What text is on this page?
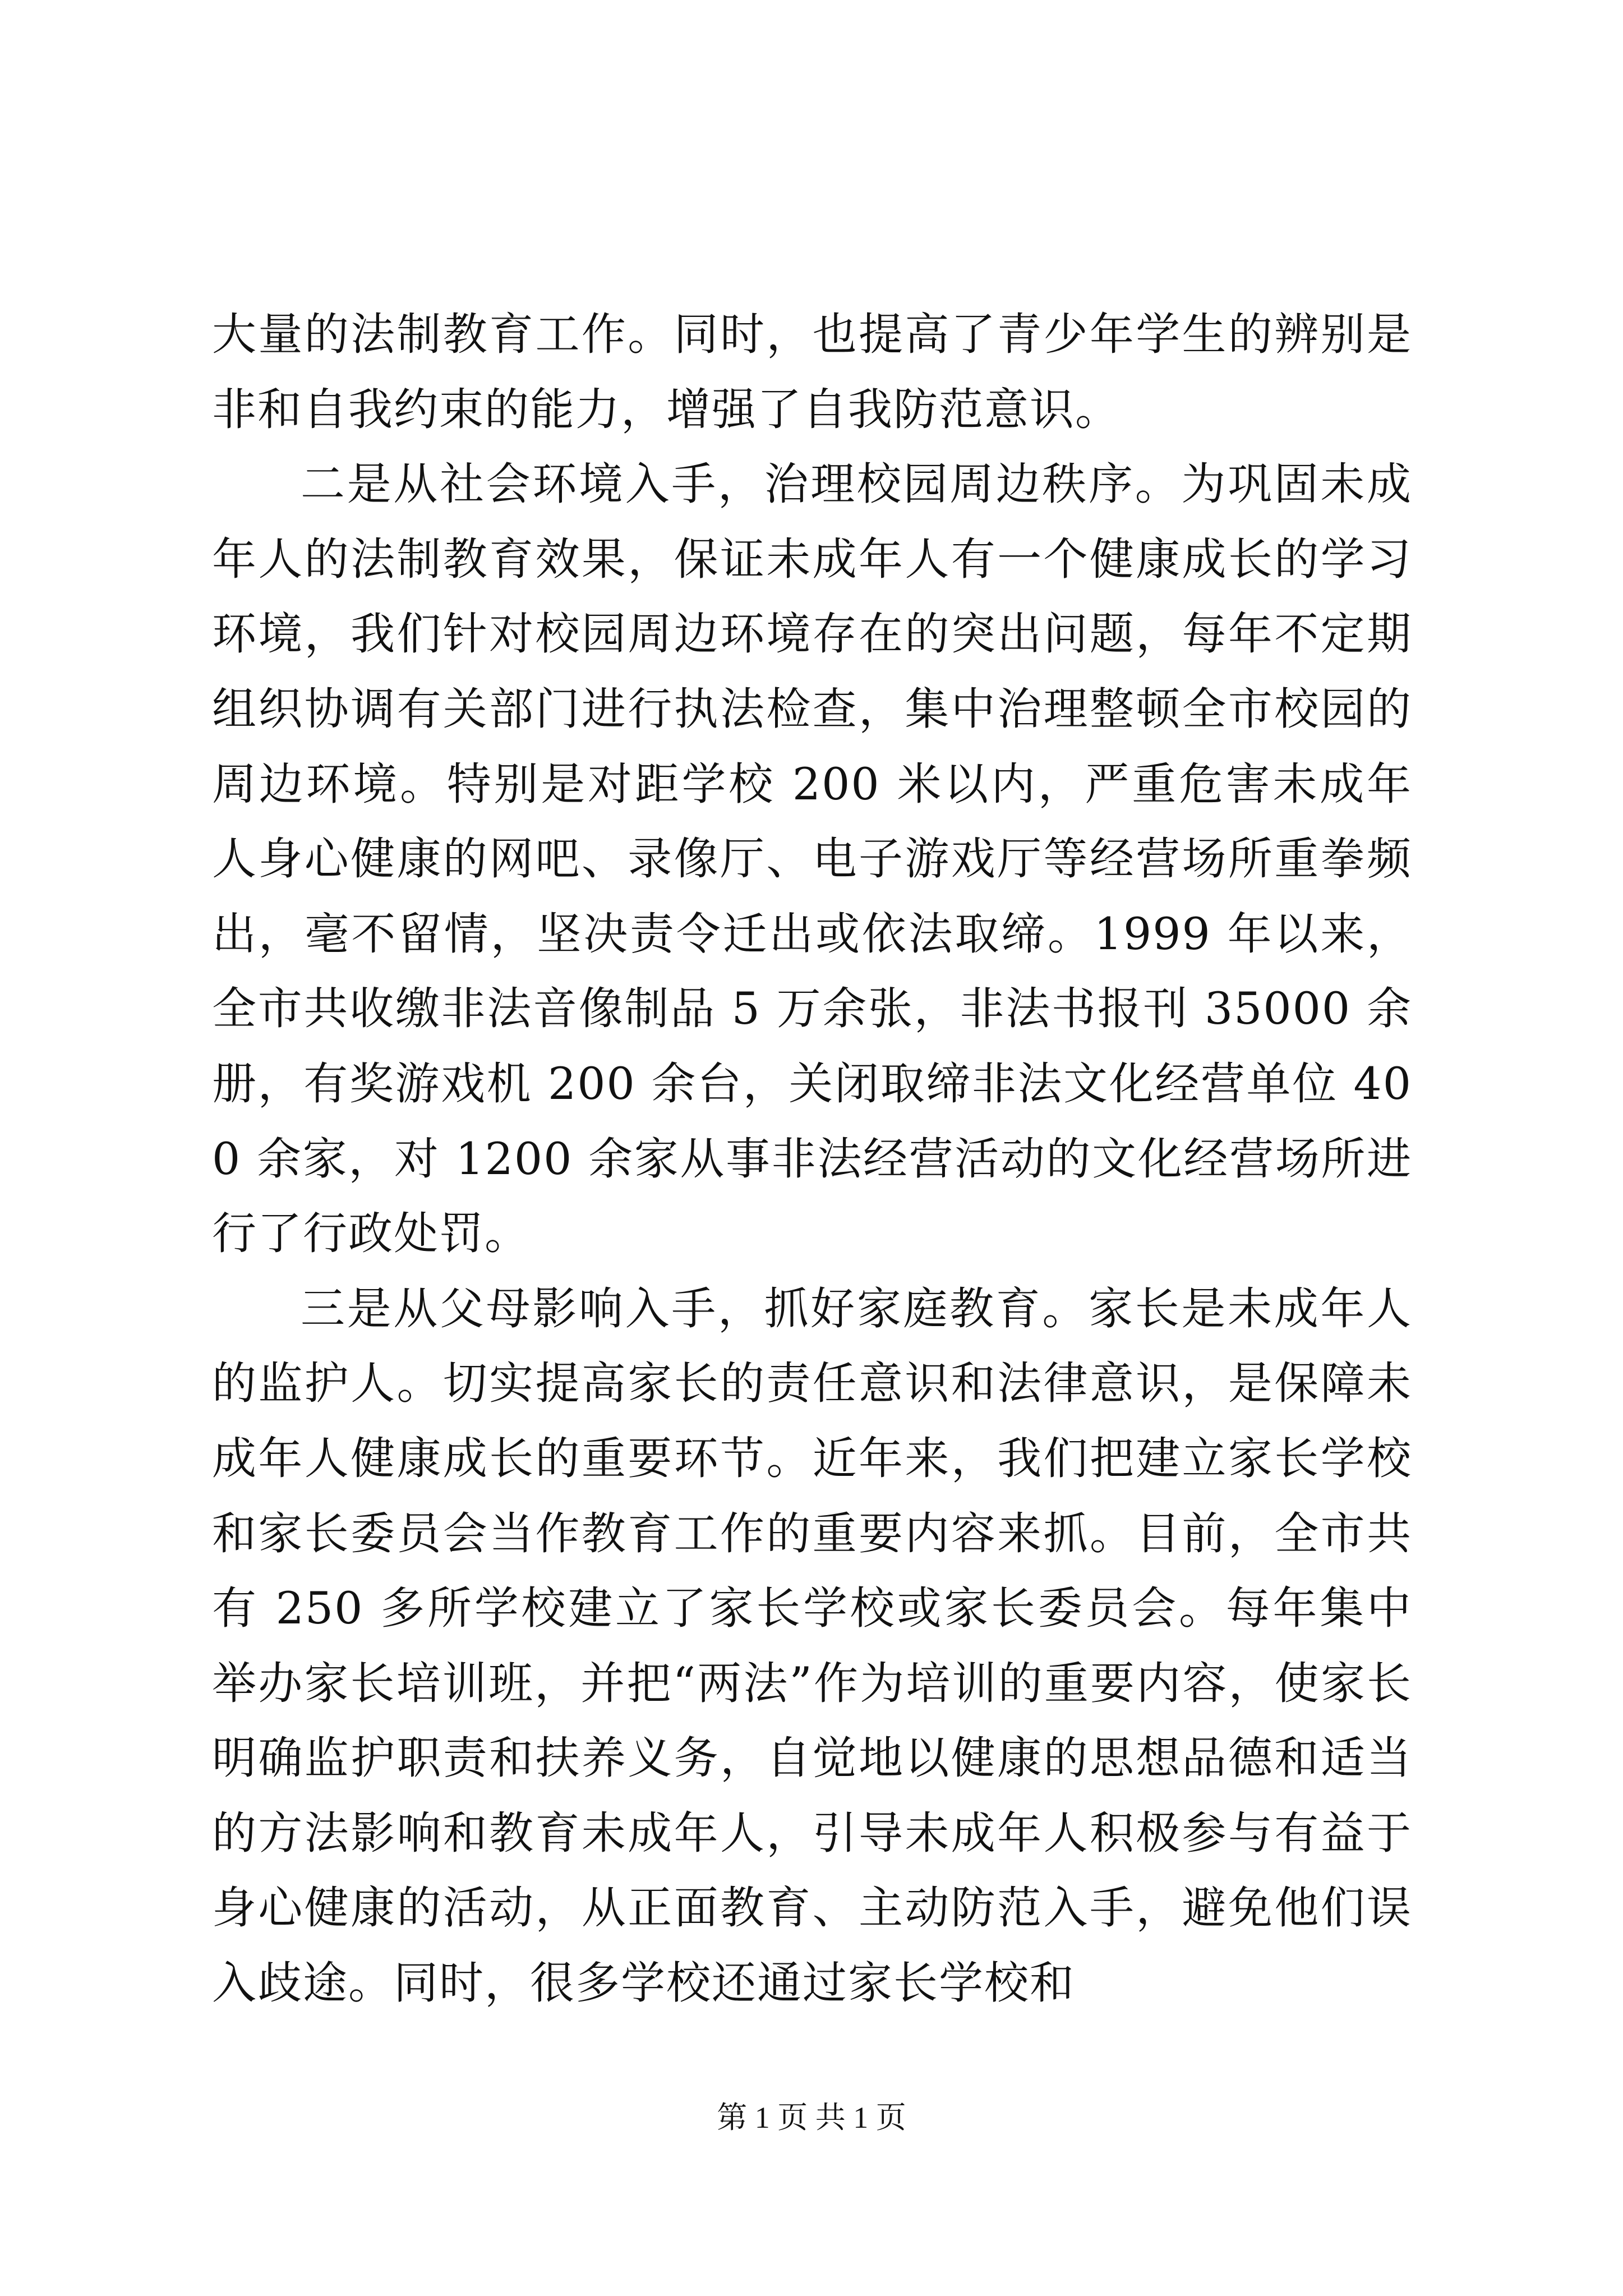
大量的法制教育工作。同时，也提高了青少年学生的辨别是非和自我约束的能力，增强了自我防范意识。

二是从社会环境入手，治理校园周边秩序。为巩固未成年人的法制教育效果，保证未成年人有一个健康成长的学习环境，我们针对校园周边环境存在的突出问题，每年不定期组织协调有关部门进行执法检查，集中治理整顿全市校园的周边环境。特别是对距学校 200 米以内，严重危害未成年人身心健康的网吧、录像厅、电子游戏厅等经营场所重拳频出，毫不留情，坚决责令迁出或依法取缔。1999 年以来，全市共收缴非法音像制品 5 万余张，非法书报刊 35000 余册，有奖游戏机 200 余台，关闭取缔非法文化经营单位 400 余家，对 1200 余家从事非法经营活动的文化经营场所进行了行政处罚。

三是从父母影响入手，抓好家庭教育。家长是未成年人的监护人。切实提高家长的责任意识和法律意识，是保障未成年人健康成长的重要环节。近年来，我们把建立家长学校和家长委员会当作教育工作的重要内容来抓。目前，全市共有 250 多所学校建立了家长学校或家长委员会。每年集中举办家长培训班，并把“两法”作为培训的重要内容，使家长明确监护职责和扶养义务，自觉地以健康的思想品德和适当的方法影响和教育未成年人，引导未成年人积极参与有益于身心健康的活动，从正面教育、主动防范入手，避免他们误入歧途。同时，很多学校还通过家长学校和

第 1 页 共 1 页
